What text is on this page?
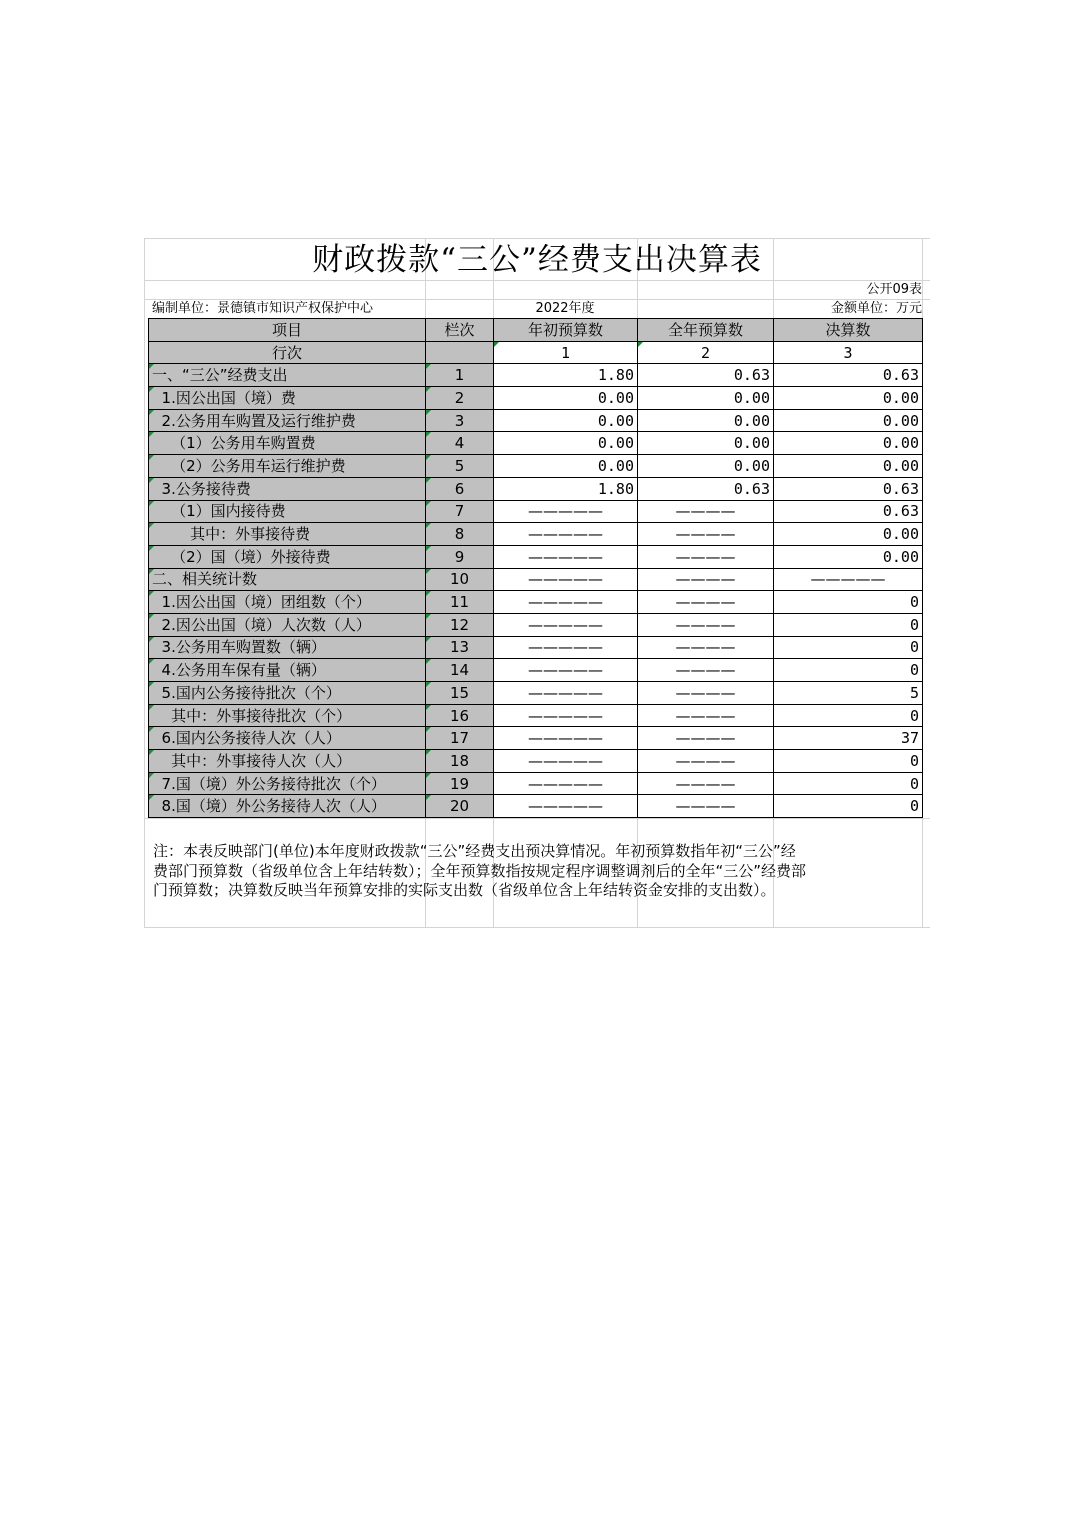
财政拨款“三公”经费支出决算表
公开09表
编制单位：景德镇市知识产权保护中心	2022年度	金额单位：万元
项目	栏次	年初预算数	全年预算数	决算数
行次		1	2	3
一、“三公”经费支出	1	1.80	0.63	0.63
1.因公出国（境）费	2	0.00	0.00	0.00
2.公务用车购置及运行维护费	3	0.00	0.00	0.00
（1）公务用车购置费	4	0.00	0.00	0.00
（2）公务用车运行维护费	5	0.00	0.00	0.00
3.公务接待费	6	1.80	0.63	0.63
（1）国内接待费	7	—————	————	0.63
其中：外事接待费	8	—————	————	0.00
（2）国（境）外接待费	9	—————	————	0.00
二、相关统计数	10	—————	————	—————
1.因公出国（境）团组数（个）	11	—————	————	0
2.因公出国（境）人次数（人）	12	—————	————	0
3.公务用车购置数（辆）	13	—————	————	0
4.公务用车保有量（辆）	14	—————	————	0
5.国内公务接待批次（个）	15	—————	————	5
其中：外事接待批次（个）	16	—————	————	0
6.国内公务接待人次（人）	17	—————	————	37
其中：外事接待人次（人）	18	—————	————	0
7.国（境）外公务接待批次（个）	19	—————	————	0
8.国（境）外公务接待人次（人）	20	—————	————	0
注：本表反映部门(单位)本年度财政拨款“三公”经费支出预决算情况。年初预算数指年初“三公”经
费部门预算数（省级单位含上年结转数）；全年预算数指按规定程序调整调剂后的全年“三公”经费部
门预算数；决算数反映当年预算安排的实际支出数（省级单位含上年结转资金安排的支出数）。
